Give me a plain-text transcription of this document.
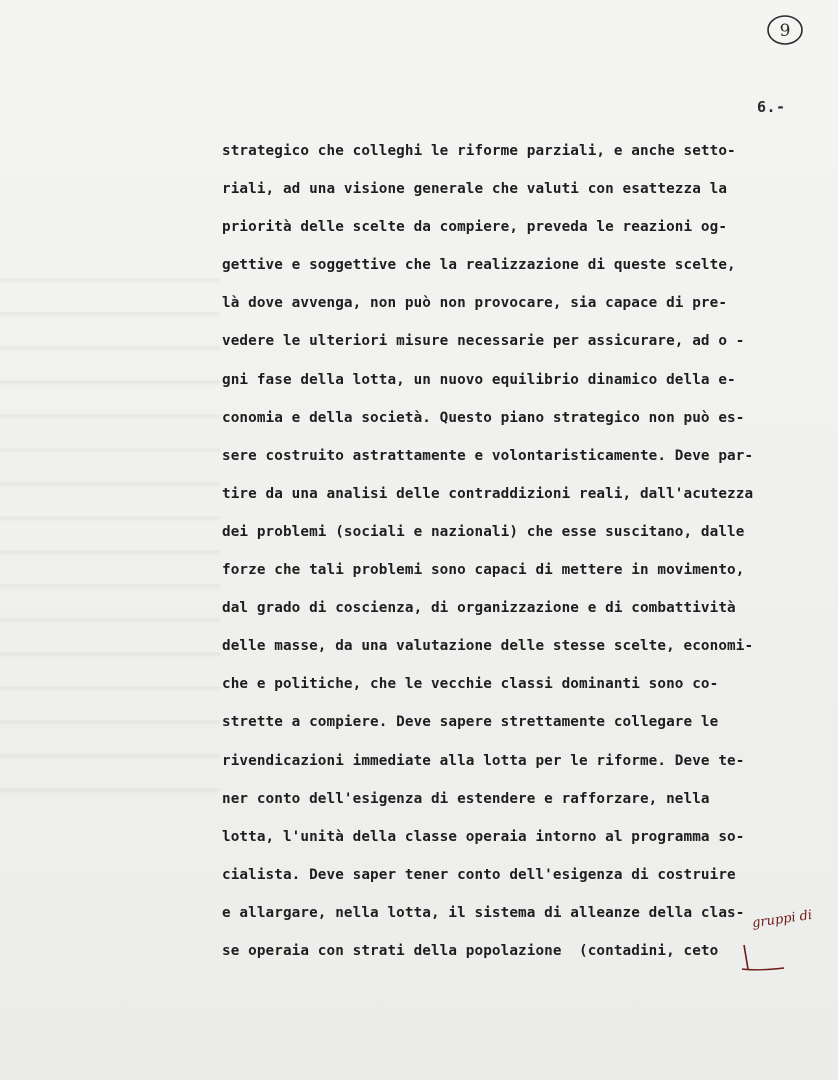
9
6.-
strategico che colleghi le riforme parziali, e anche setto-
riali, ad una visione generale che valuti con esattezza la
priorità delle scelte da compiere, preveda le reazioni og-
gettive e soggettive che la realizzazione di queste scelte,
là dove avvenga, non può non provocare, sia capace di pre-
vedere le ulteriori misure necessarie per assicurare, ad o -
gni fase della lotta, un nuovo equilibrio dinamico della e-
conomia e della società. Questo piano strategico non può es-
sere costruito astrattamente e volontaristicamente. Deve par-
tire da una analisi delle contraddizioni reali, dall'acutezza
dei problemi (sociali e nazionali) che esse suscitano, dalle
forze che tali problemi sono capaci di mettere in movimento,
dal grado di coscienza, di organizzazione e di combattività
delle masse, da una valutazione delle stesse scelte, economi-
che e politiche, che le vecchie classi dominanti sono co-
strette a compiere. Deve sapere strettamente collegare le
rivendicazioni immediate alla lotta per le riforme. Deve te-
ner conto dell'esigenza di estendere e rafforzare, nella
lotta, l'unità della classe operaia intorno al programma so-
cialista. Deve saper tener conto dell'esigenza di costruire
e allargare, nella lotta, il sistema di alleanze della clas-
se operaia con strati della popolazione  (contadini, ceto
gruppi di
